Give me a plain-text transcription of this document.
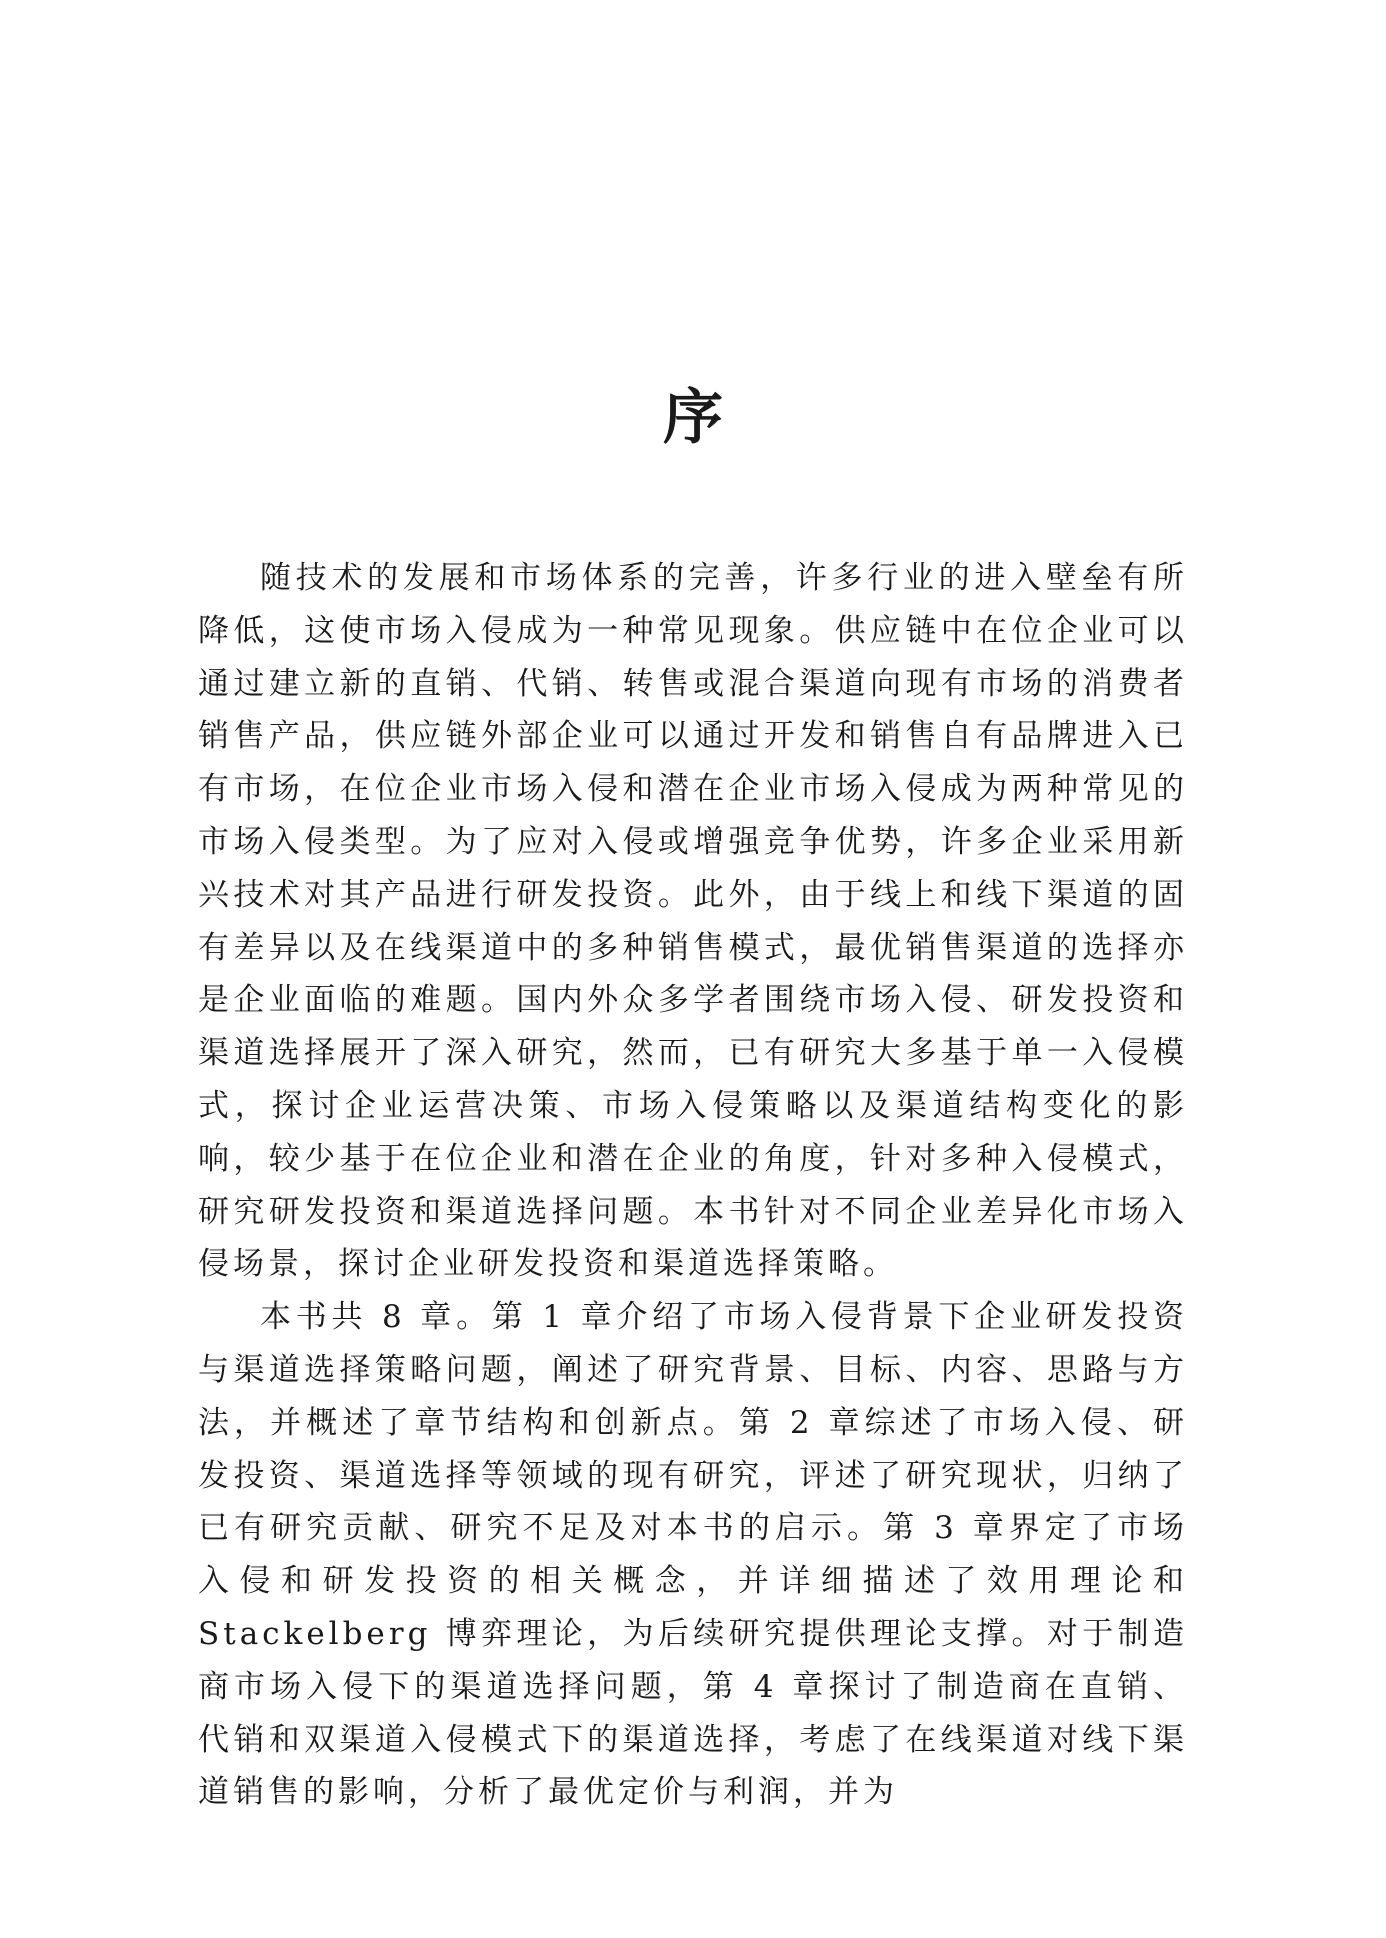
序

随技术的发展和市场体系的完善，许多行业的进入壁垒有所降低，这使市场入侵成为一种常见现象。供应链中在位企业可以通过建立新的直销、代销、转售或混合渠道向现有市场的消费者销售产品，供应链外部企业可以通过开发和销售自有品牌进入已有市场，在位企业市场入侵和潜在企业市场入侵成为两种常见的市场入侵类型。为了应对入侵或增强竞争优势，许多企业采用新兴技术对其产品进行研发投资。此外，由于线上和线下渠道的固有差异以及在线渠道中的多种销售模式，最优销售渠道的选择亦是企业面临的难题。国内外众多学者围绕市场入侵、研发投资和渠道选择展开了深入研究，然而，已有研究大多基于单一入侵模式，探讨企业运营决策、市场入侵策略以及渠道结构变化的影响，较少基于在位企业和潜在企业的角度，针对多种入侵模式，研究研发投资和渠道选择问题。本书针对不同企业差异化市场入侵场景，探讨企业研发投资和渠道选择策略。

本书共 8 章。第 1 章介绍了市场入侵背景下企业研发投资与渠道选择策略问题，阐述了研究背景、目标、内容、思路与方法，并概述了章节结构和创新点。第 2 章综述了市场入侵、研发投资、渠道选择等领域的现有研究，评述了研究现状，归纳了已有研究贡献、研究不足及对本书的启示。第 3 章界定了市场入侵和研发投资的相关概念，并详细描述了效用理论和 Stackelberg 博弈理论，为后续研究提供理论支撑。对于制造商市场入侵下的渠道选择问题，第 4 章探讨了制造商在直销、代销和双渠道入侵模式下的渠道选择，考虑了在线渠道对线下渠道销售的影响，分析了最优定价与利润，并为
